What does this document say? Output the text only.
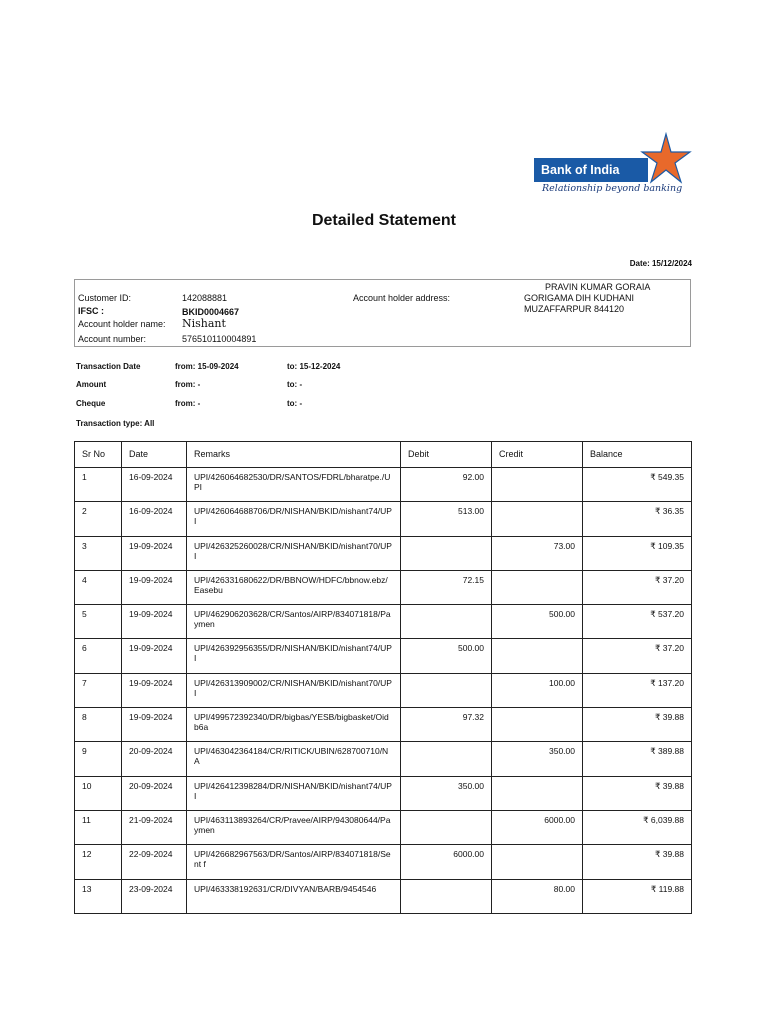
Bank of India
Relationship beyond banking
Detailed Statement
Date: 15/12/2024
Customer ID:	142088881
IFSC :	BKID0004667
Account holder name: Nishant
Account number:	576510110004891
Account holder address:
PRAVIN KUMAR GORAIA
GORIGAMA DIH KUDHANI
MUZAFFARPUR 844120
Transaction Date	from: 15-09-2024	to: 15-12-2024
Amount	from: -	to: -
Cheque	from: -	to: -
Transaction type: All
Sr No	Date	Remarks	Debit	Credit	Balance
1	16-09-2024	UPI/426064682530/DR/SANTOS/FDRL/bharatpe./UPI	92.00		₹ 549.35
2	16-09-2024	UPI/426064688706/DR/NISHAN/BKID/nishant74/UPI	513.00		₹ 36.35
3	19-09-2024	UPI/426325260028/CR/NISHAN/BKID/nishant70/UPI		73.00	₹ 109.35
4	19-09-2024	UPI/426331680622/DR/BBNOW/HDFC/bbnow.ebz/Easebu	72.15		₹ 37.20
5	19-09-2024	UPI/462906203628/CR/Santos/AIRP/834071818/Paymen		500.00	₹ 537.20
6	19-09-2024	UPI/426392956355/DR/NISHAN/BKID/nishant74/UPI	500.00		₹ 37.20
7	19-09-2024	UPI/426313909002/CR/NISHAN/BKID/nishant70/UPI		100.00	₹ 137.20
8	19-09-2024	UPI/499572392340/DR/bigbas/YESB/bigbasket/Oidb6a	97.32		₹ 39.88
9	20-09-2024	UPI/463042364184/CR/RITICK/UBIN/628700710/NA		350.00	₹ 389.88
10	20-09-2024	UPI/426412398284/DR/NISHAN/BKID/nishant74/UPI	350.00		₹ 39.88
11	21-09-2024	UPI/463113893264/CR/Pravee/AIRP/943080644/Paymen		6000.00	₹ 6,039.88
12	22-09-2024	UPI/426682967563/DR/Santos/AIRP/834071818/Sent f	6000.00		₹ 39.88
13	23-09-2024	UPI/463338192631/CR/DIVYAN/BARB/9454546		80.00	₹ 119.88
